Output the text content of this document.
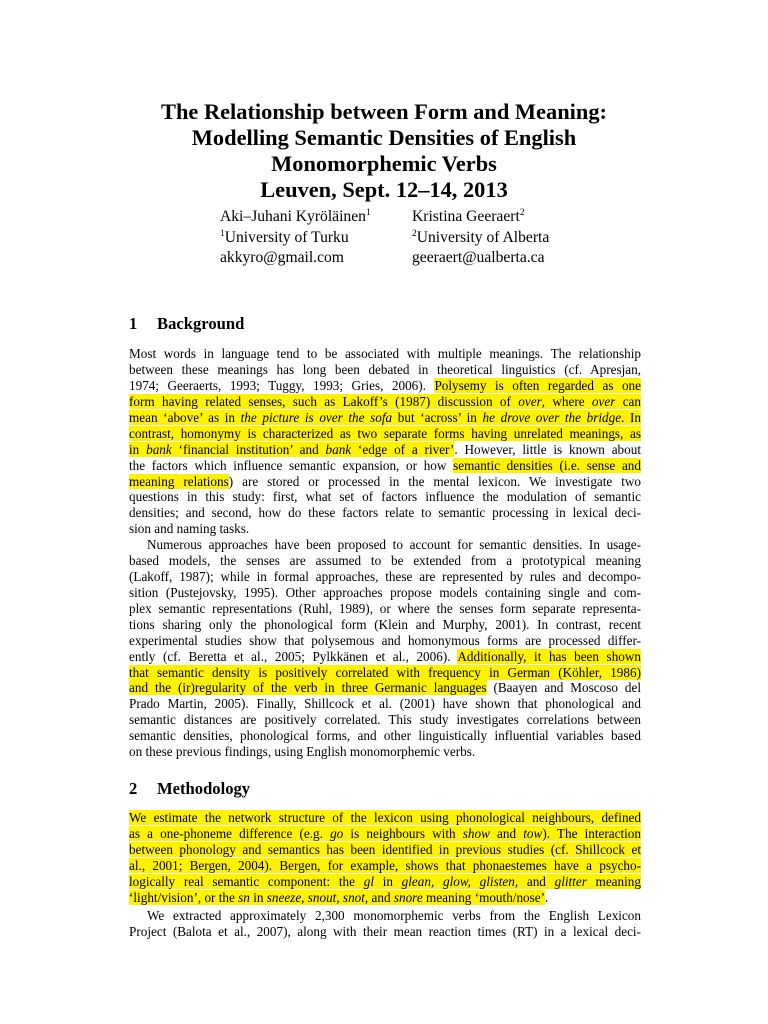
The Relationship between Form and Meaning:
Modelling Semantic Densities of English
Monomorphemic Verbs
Leuven, Sept. 12–14, 2013
Aki–Juhani Kyröläinen$^1$
$^1$University of Turku
akkyro@gmail.com
Kristina Geeraert$^2$
$^2$University of Alberta
geeraert@ualberta.ca
1 Background
Most words in language tend to be associated with multiple meanings. The relationship
between these meanings has long been debated in theoretical linguistics (cf. Apresjan,
1974; Geeraerts, 1993; Tuggy, 1993; Gries, 2006). Polysemy is often regarded as one
form having related senses, such as Lakoff’s (1987) discussion of over, where over can
mean ‘above’ as in the picture is over the sofa but ‘across’ in he drove over the bridge. In
contrast, homonymy is characterized as two separate forms having unrelated meanings, as
in bank ‘financial institution’ and bank ‘edge of a river’. However, little is known about
the factors which influence semantic expansion, or how semantic densities (i.e. sense and
meaning relations) are stored or processed in the mental lexicon. We investigate two
questions in this study: first, what set of factors influence the modulation of semantic
densities; and second, how do these factors relate to semantic processing in lexical deci-
sion and naming tasks.
Numerous approaches have been proposed to account for semantic densities. In usage-
based models, the senses are assumed to be extended from a prototypical meaning
(Lakoff, 1987); while in formal approaches, these are represented by rules and decompo-
sition (Pustejovsky, 1995). Other approaches propose models containing single and com-
plex semantic representations (Ruhl, 1989), or where the senses form separate representa-
tions sharing only the phonological form (Klein and Murphy, 2001). In contrast, recent
experimental studies show that polysemous and homonymous forms are processed differ-
ently (cf. Beretta et al., 2005; Pylkkänen et al., 2006). Additionally, it has been shown
that semantic density is positively correlated with frequency in German (Köhler, 1986)
and the (ir)regularity of the verb in three Germanic languages (Baayen and Moscoso del
Prado Martin, 2005). Finally, Shillcock et al. (2001) have shown that phonological and
semantic distances are positively correlated. This study investigates correlations between
semantic densities, phonological forms, and other linguistically influential variables based
on these previous findings, using English monomorphemic verbs.
2 Methodology
We estimate the network structure of the lexicon using phonological neighbours, defined
as a one-phoneme difference (e.g. go is neighbours with show and tow). The interaction
between phonology and semantics has been identified in previous studies (cf. Shillcock et
al., 2001; Bergen, 2004). Bergen, for example, shows that phonaestemes have a psycho-
logically real semantic component: the gl in glean, glow, glisten, and glitter meaning
‘light/vision’, or the sn in sneeze, snout, snot, and snore meaning ‘mouth/nose’.
We extracted approximately 2,300 monomorphemic verbs from the English Lexicon
Project (Balota et al., 2007), along with their mean reaction times (RT) in a lexical deci-
